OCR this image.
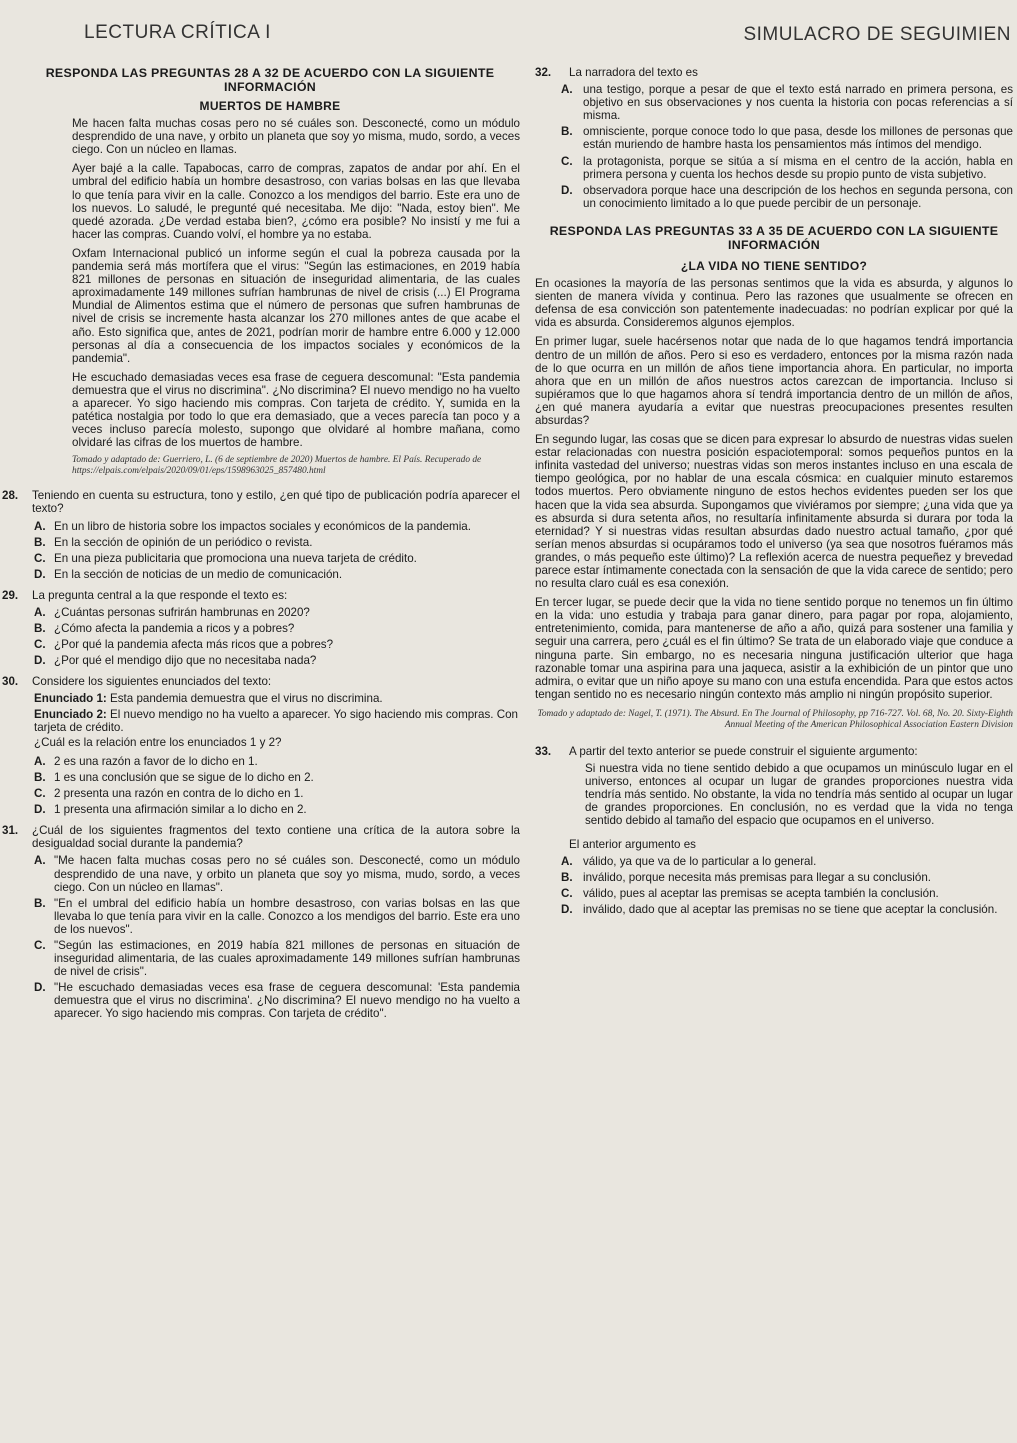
LECTURA CRÍTICA I	SIMULACRO DE SEGUIMIEN
RESPONDA LAS PREGUNTAS 28 A 32 DE ACUERDO CON LA SIGUIENTE INFORMACIÓN
MUERTOS DE HAMBRE
Me hacen falta muchas cosas pero no sé cuáles son. Desconecté, como un módulo desprendido de una nave, y orbito un planeta que soy yo misma, mudo, sordo, a veces ciego. Con un núcleo en llamas.
Ayer bajé a la calle. Tapabocas, carro de compras, zapatos de andar por ahí. En el umbral del edificio había un hombre desastroso, con varias bolsas en las que llevaba lo que tenía para vivir en la calle. Conozco a los mendigos del barrio. Este era uno de los nuevos. Lo saludé, le pregunté qué necesitaba. Me dijo: "Nada, estoy bien". Me quedé azorada. ¿De verdad estaba bien?, ¿cómo era posible? No insistí y me fui a hacer las compras. Cuando volví, el hombre ya no estaba.
Oxfam Internacional publicó un informe según el cual la pobreza causada por la pandemia será más mortífera que el virus: "Según las estimaciones, en 2019 había 821 millones de personas en situación de inseguridad alimentaria, de las cuales aproximadamente 149 millones sufrían hambrunas de nivel de crisis (...) El Programa Mundial de Alimentos estima que el número de personas que sufren hambrunas de nivel de crisis se incremente hasta alcanzar los 270 millones antes de que acabe el año. Esto significa que, antes de 2021, podrían morir de hambre entre 6.000 y 12.000 personas al día a consecuencia de los impactos sociales y económicos de la pandemia".
He escuchado demasiadas veces esa frase de ceguera descomunal: "Esta pandemia demuestra que el virus no discrimina". ¿No discrimina? El nuevo mendigo no ha vuelto a aparecer. Yo sigo haciendo mis compras. Con tarjeta de crédito. Y, sumida en la patética nostalgia por todo lo que era demasiado, que a veces parecía tan poco y a veces incluso parecía molesto, supongo que olvidaré al hombre mañana, como olvidaré las cifras de los muertos de hambre.
Tomado y adaptado de: Guerriero, L. (6 de septiembre de 2020) Muertos de hambre. El País. Recuperado de https://elpais.com/elpais/2020/09/01/eps/1598963025_857480.html
28.	Teniendo en cuenta su estructura, tono y estilo, ¿en qué tipo de publicación podría aparecer el texto?
A. En un libro de historia sobre los impactos sociales y económicos de la pandemia.
B. En la sección de opinión de un periódico o revista.
C. En una pieza publicitaria que promociona una nueva tarjeta de crédito.
D. En la sección de noticias de un medio de comunicación.
29.	La pregunta central a la que responde el texto es:
A. ¿Cuántas personas sufrirán hambrunas en 2020?
B. ¿Cómo afecta la pandemia a ricos y a pobres?
C. ¿Por qué la pandemia afecta más ricos que a pobres?
D. ¿Por qué el mendigo dijo que no necesitaba nada?
30.	Considere los siguientes enunciados del texto:
Enunciado 1: Esta pandemia demuestra que el virus no discrimina.
Enunciado 2: El nuevo mendigo no ha vuelto a aparecer. Yo sigo haciendo mis compras. Con tarjeta de crédito.
¿Cuál es la relación entre los enunciados 1 y 2?
A. 2 es una razón a favor de lo dicho en 1.
B. 1 es una conclusión que se sigue de lo dicho en 2.
C. 2 presenta una razón en contra de lo dicho en 1.
D. 1 presenta una afirmación similar a lo dicho en 2.
31.	¿Cuál de los siguientes fragmentos del texto contiene una crítica de la autora sobre la desigualdad social durante la pandemia?
A. "Me hacen falta muchas cosas pero no sé cuáles son. Desconecté, como un módulo desprendido de una nave, y orbito un planeta que soy yo misma, mudo, sordo, a veces ciego. Con un núcleo en llamas".
B. "En el umbral del edificio había un hombre desastroso, con varias bolsas en las que llevaba lo que tenía para vivir en la calle. Conozco a los mendigos del barrio. Este era uno de los nuevos".
C. "Según las estimaciones, en 2019 había 821 millones de personas en situación de inseguridad alimentaria, de las cuales aproximadamente 149 millones sufrían hambrunas de nivel de crisis".
D. "He escuchado demasiadas veces esa frase de ceguera descomunal: 'Esta pandemia demuestra que el virus no discrimina'. ¿No discrimina? El nuevo mendigo no ha vuelto a aparecer. Yo sigo haciendo mis compras. Con tarjeta de crédito".
32.	La narradora del texto es
A. una testigo, porque a pesar de que el texto está narrado en primera persona, es objetivo en sus observaciones y nos cuenta la historia con pocas referencias a sí misma.
B. omnisciente, porque conoce todo lo que pasa, desde los millones de personas que están muriendo de hambre hasta los pensamientos más íntimos del mendigo.
C. la protagonista, porque se sitúa a sí misma en el centro de la acción, habla en primera persona y cuenta los hechos desde su propio punto de vista subjetivo.
D. observadora porque hace una descripción de los hechos en segunda persona, con un conocimiento limitado a lo que puede percibir de un personaje.
RESPONDA LAS PREGUNTAS 33 A 35 DE ACUERDO CON LA SIGUIENTE INFORMACIÓN
¿LA VIDA NO TIENE SENTIDO?
En ocasiones la mayoría de las personas sentimos que la vida es absurda, y algunos lo sienten de manera vívida y continua. Pero las razones que usualmente se ofrecen en defensa de esa convicción son patentemente inadecuadas: no podrían explicar por qué la vida es absurda. Consideremos algunos ejemplos.
En primer lugar, suele hacérsenos notar que nada de lo que hagamos tendrá importancia dentro de un millón de años. Pero si eso es verdadero, entonces por la misma razón nada de lo que ocurra en un millón de años tiene importancia ahora. En particular, no importa ahora que en un millón de años nuestros actos carezcan de importancia. Incluso si supiéramos que lo que hagamos ahora sí tendrá importancia dentro de un millón de años, ¿en qué manera ayudaría a evitar que nuestras preocupaciones presentes resulten absurdas?
En segundo lugar, las cosas que se dicen para expresar lo absurdo de nuestras vidas suelen estar relacionadas con nuestra posición espaciotemporal: somos pequeños puntos en la infinita vastedad del universo; nuestras vidas son meros instantes incluso en una escala de tiempo geológica, por no hablar de una escala cósmica: en cualquier minuto estaremos todos muertos. Pero obviamente ninguno de estos hechos evidentes pueden ser los que hacen que la vida sea absurda. Supongamos que viviéramos por siempre; ¿una vida que ya es absurda si dura setenta años, no resultaría infinitamente absurda si durara por toda la eternidad? Y si nuestras vidas resultan absurdas dado nuestro actual tamaño, ¿por qué serían menos absurdas si ocupáramos todo el universo (ya sea que nosotros fuéramos más grandes, o más pequeño este último)? La reflexión acerca de nuestra pequeñez y brevedad parece estar íntimamente conectada con la sensación de que la vida carece de sentido; pero no resulta claro cuál es esa conexión.
En tercer lugar, se puede decir que la vida no tiene sentido porque no tenemos un fin último en la vida: uno estudia y trabaja para ganar dinero, para pagar por ropa, alojamiento, entretenimiento, comida, para mantenerse de año a año, quizá para sostener una familia y seguir una carrera, pero ¿cuál es el fin último? Se trata de un elaborado viaje que conduce a ninguna parte. Sin embargo, no es necesaria ninguna justificación ulterior que haga razonable tomar una aspirina para una jaqueca, asistir a la exhibición de un pintor que uno admira, o evitar que un niño apoye su mano con una estufa encendida. Para que estos actos tengan sentido no es necesario ningún contexto más amplio ni ningún propósito superior.
Tomado y adaptado de: Nagel, T. (1971). The Absurd. En The Journal of Philosophy, pp 716-727. Vol. 68, No. 20. Sixty-Eighth Annual Meeting of the American Philosophical Association Eastern Division
33.	A partir del texto anterior se puede construir el siguiente argumento:
Si nuestra vida no tiene sentido debido a que ocupamos un minúsculo lugar en el universo, entonces al ocupar un lugar de grandes proporciones nuestra vida tendría más sentido. No obstante, la vida no tendría más sentido al ocupar un lugar de grandes proporciones. En conclusión, no es verdad que la vida no tenga sentido debido al tamaño del espacio que ocupamos en el universo.
El anterior argumento es
A. válido, ya que va de lo particular a lo general.
B. inválido, porque necesita más premisas para llegar a su conclusión.
C. válido, pues al aceptar las premisas se acepta también la conclusión.
D. inválido, dado que al aceptar las premisas no se tiene que aceptar la conclusión.
